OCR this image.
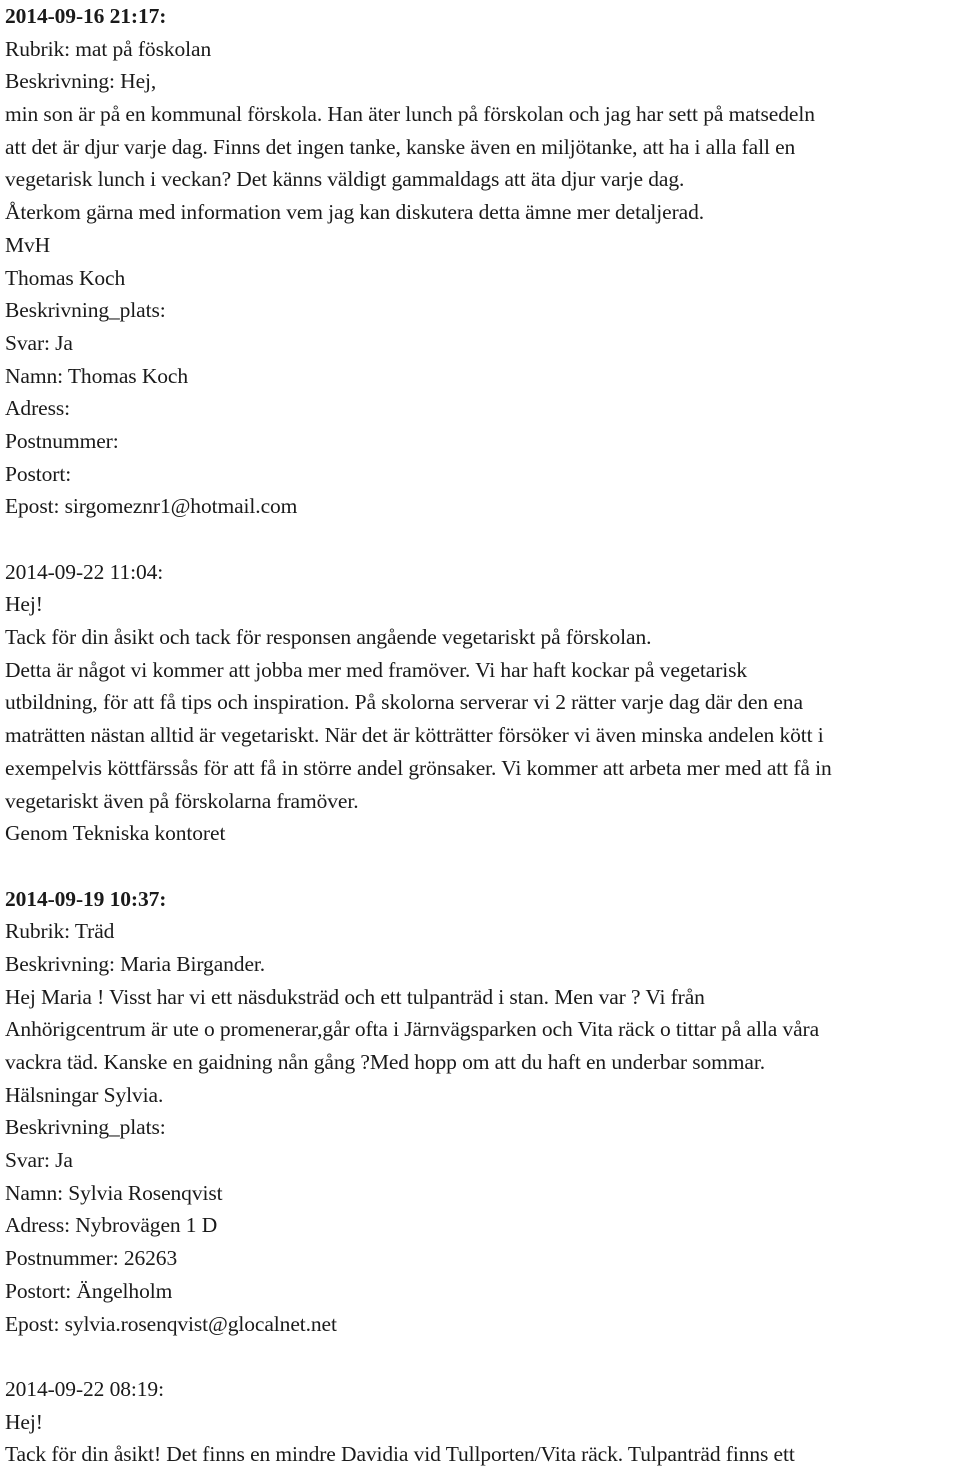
2014-09-16 21:17:
Rubrik: mat på föskolan
Beskrivning: Hej,
min son är på en kommunal förskola. Han äter lunch på förskolan och jag har sett på matsedeln
att det är djur varje dag. Finns det ingen tanke, kanske även en miljötanke, att ha i alla fall en
vegetarisk lunch i veckan? Det känns väldigt gammaldags att äta djur varje dag.
Återkom gärna med information vem jag kan diskutera detta ämne mer detaljerad.
MvH
Thomas Koch
Beskrivning_plats:
Svar: Ja
Namn: Thomas Koch
Adress:
Postnummer:
Postort:
Epost: sirgomeznr1@hotmail.com
2014-09-22 11:04:
Hej!
Tack för din åsikt och tack för responsen angående vegetariskt på förskolan.
Detta är något vi kommer att jobba mer med framöver. Vi har haft kockar på vegetarisk
utbildning, för att få tips och inspiration. På skolorna serverar vi 2 rätter varje dag där den ena
maträtten nästan alltid är vegetariskt. När det är kötträtter försöker vi även minska andelen kött i
exempelvis köttfärssås för att få in större andel grönsaker. Vi kommer att arbeta mer med att få in
vegetariskt även på förskolarna framöver.
Genom Tekniska kontoret
2014-09-19 10:37:
Rubrik: Träd
Beskrivning: Maria Birgander.
Hej Maria ! Visst har vi ett näsduksträd och ett tulpanträd i stan. Men var ? Vi från
Anhörigcentrum är ute o promenerar,går ofta i Järnvägsparken och Vita räck o tittar på alla våra
vackra täd. Kanske en gaidning nån gång ?Med hopp om att du haft en underbar sommar.
Hälsningar Sylvia.
Beskrivning_plats:
Svar: Ja
Namn: Sylvia Rosenqvist
Adress: Nybrovägen 1 D
Postnummer: 26263
Postort: Ängelholm
Epost: sylvia.rosenqvist@glocalnet.net
2014-09-22 08:19:
Hej!
Tack för din åsikt! Det finns en mindre Davidia vid Tullporten/Vita räck. Tulpanträd finns ett
